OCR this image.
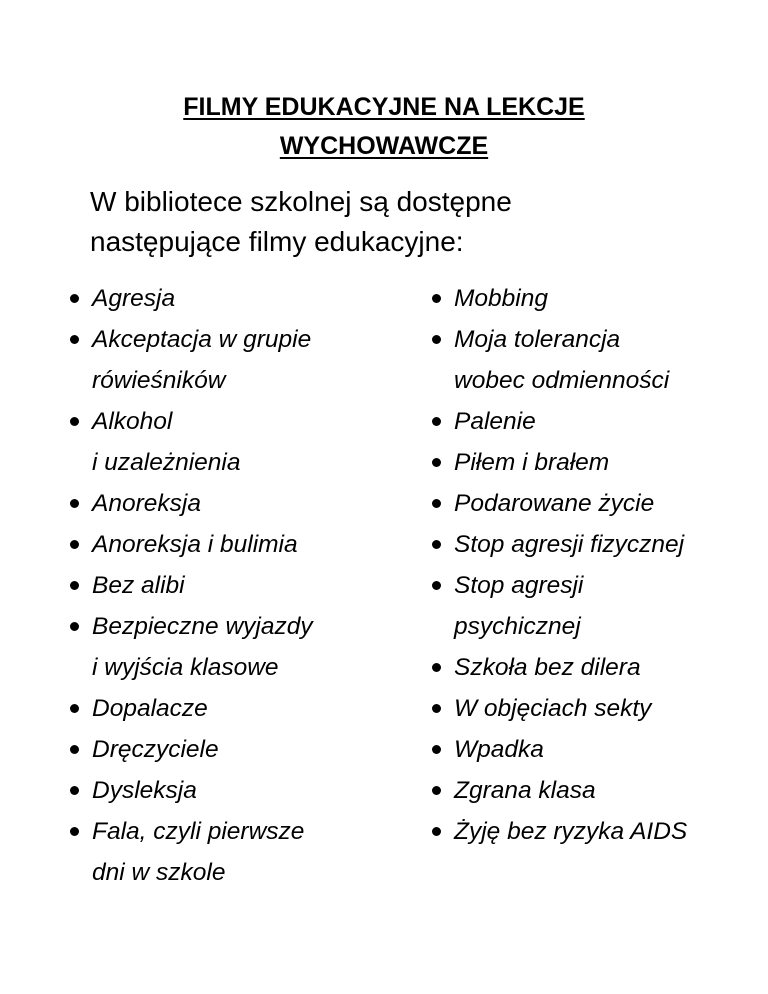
FILMY EDUKACYJNE NA LEKCJE
WYCHOWAWCZE

W bibliotece szkolnej są dostępne
następujące filmy edukacyjne:

Agresja
Akceptacja w grupie
rówieśników
Alkohol
i uzależnienia
Anoreksja
Anoreksja i bulimia
Bez alibi
Bezpieczne wyjazdy
i wyjścia klasowe
Dopalacze
Dręczyciele
Dysleksja
Fala, czyli pierwsze
dni w szkole
Mobbing
Moja tolerancja
wobec odmienności
Palenie
Piłem i brałem
Podarowane życie
Stop agresji fizycznej
Stop agresji
psychicznej
Szkoła bez dilera
W objęciach sekty
Wpadka
Zgrana klasa
Żyję bez ryzyka AIDS
